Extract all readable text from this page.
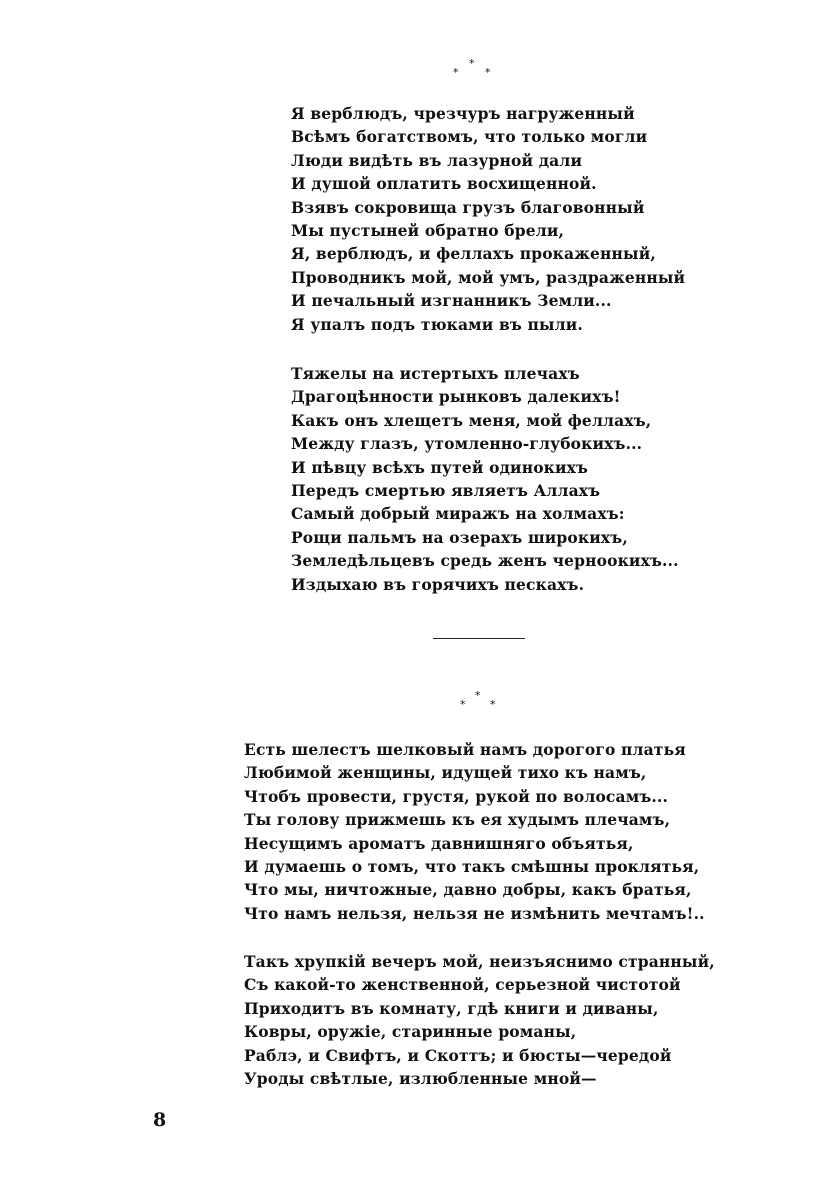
*
* *
Я верблюдъ, чрезчуръ нагруженный
Всѣмъ богатствомъ, что только могли
Люди видѣть въ лазурной дали
И душой оплатить восхищенной.
Взявъ сокровища грузъ благовонный
Мы пустыней обратно брели,
Я, верблюдъ, и феллахъ прокаженный,
Проводникъ мой, мой умъ, раздраженный
И печальный изгнанникъ Земли...
Я упалъ подъ тюками въ пыли.
Тяжелы на истертыхъ плечахъ
Драгоцѣнности рынковъ далекихъ!
Какъ онъ хлещетъ меня, мой феллахъ,
Между глазъ, утомленно-глубокихъ...
И пѣвцу всѣхъ путей одинокихъ
Передъ смертью являетъ Аллахъ
Самый добрый миражъ на холмахъ:
Рощи пальмъ на озерахъ широкихъ,
Земледѣльцевъ средь женъ черноокихъ...
Издыхаю въ горячихъ пескахъ.
*
* *
Есть шелестъ шелковый намъ дорогого платья
Любимой женщины, идущей тихо къ намъ,
Чтобъ провести, грустя, рукой по волосамъ...
Ты голову прижмешь къ ея худымъ плечамъ,
Несущимъ ароматъ давнишняго объятья,
И думаешь о томъ, что такъ смѣшны проклятья,
Что мы, ничтожные, давно добры, какъ братья,
Что намъ нельзя, нельзя не измѣнить мечтамъ!..
Такъ хрупкій вечеръ мой, неизъяснимо странный,
Съ какой-то женственной, серьезной чистотой
Приходитъ въ комнату, гдѣ книги и диваны,
Ковры, оружіе, старинные романы,
Раблэ, и Свифтъ, и Скоттъ; и бюсты—чередой
Уроды свѣтлые, излюбленные мной—
8
